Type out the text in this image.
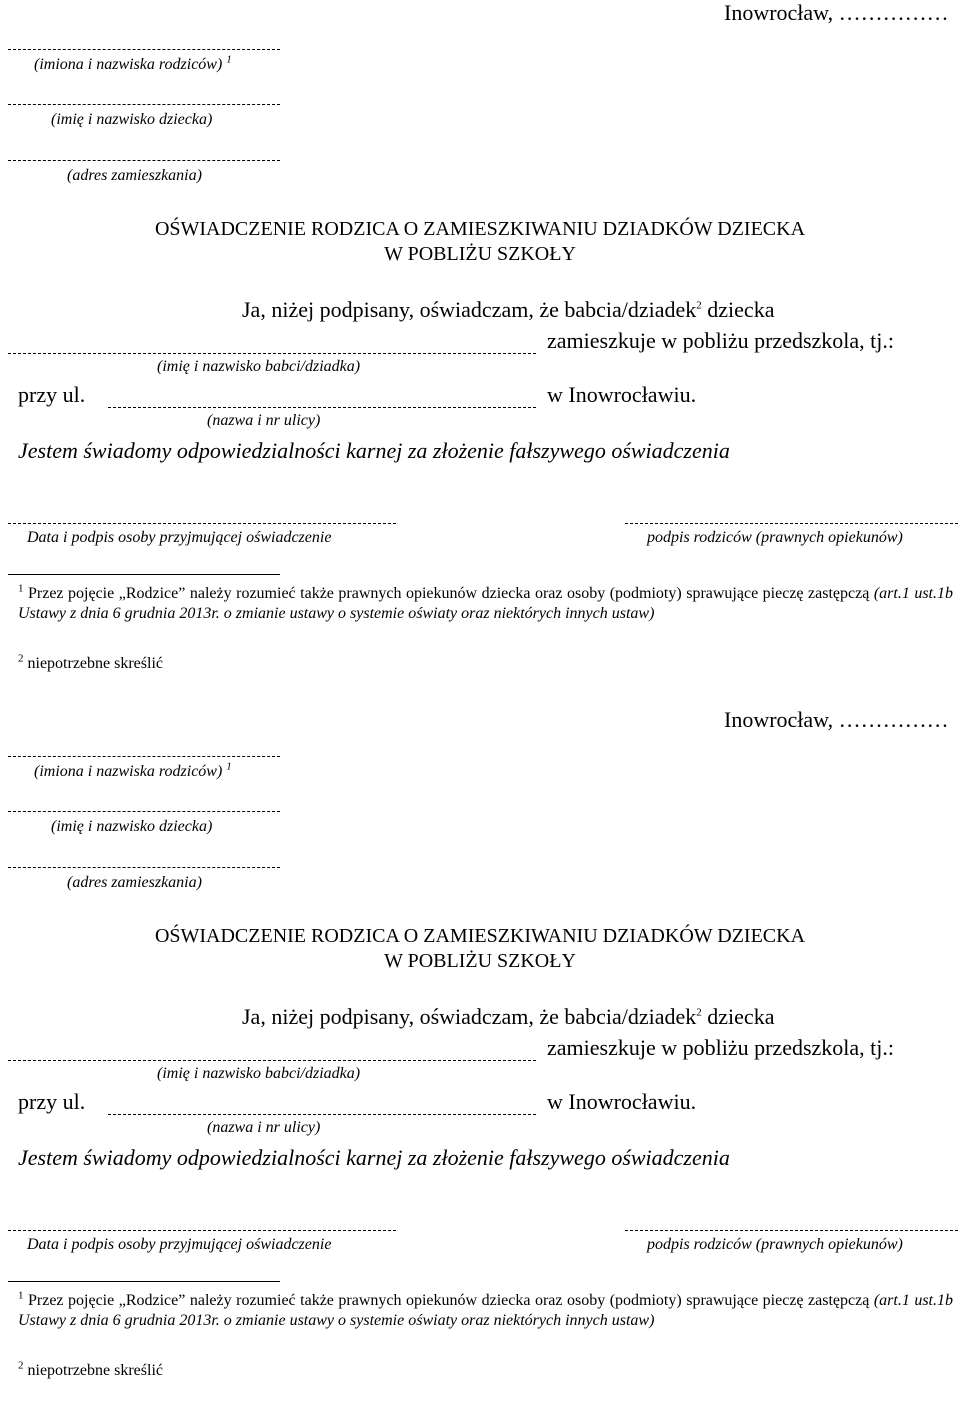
Inowrocław, ……………
(imiona i nazwiska rodziców) $^1$
(imię i nazwisko dziecka)
(adres zamieszkania)
OŚWIADCZENIE RODZICA O ZAMIESZKIWANIU DZIADKÓW DZIECKA
W POBLIŻU SZKOŁY
Ja, niżej podpisany, oświadczam, że babcia/dziadek$^2$ dziecka
zamieszkuje w pobliżu przedszkola, tj.:
(imię i nazwisko babci/dziadka)
przy ul.	w Inowrocławiu.
(nazwa i nr ulicy)
Jestem świadomy odpowiedzialności karnej za złożenie fałszywego oświadczenia
Data i podpis osoby przyjmującej oświadczenie	podpis rodziców (prawnych opiekunów)
$^1$ Przez pojęcie „Rodzice” należy rozumieć także prawnych opiekunów dziecka oraz osoby (podmioty) sprawujące pieczę zastępczą (art.1 ust.1b Ustawy z dnia 6 grudnia 2013r. o zmianie ustawy o systemie oświaty oraz niektórych innych ustaw)
$^2$ niepotrzebne skreślić
Inowrocław, ……………
(imiona i nazwiska rodziców) $^1$
(imię i nazwisko dziecka)
(adres zamieszkania)
OŚWIADCZENIE RODZICA O ZAMIESZKIWANIU DZIADKÓW DZIECKA
W POBLIŻU SZKOŁY
Ja, niżej podpisany, oświadczam, że babcia/dziadek$^2$ dziecka
zamieszkuje w pobliżu przedszkola, tj.:
(imię i nazwisko babci/dziadka)
przy ul.	w Inowrocławiu.
(nazwa i nr ulicy)
Jestem świadomy odpowiedzialności karnej za złożenie fałszywego oświadczenia
Data i podpis osoby przyjmującej oświadczenie	podpis rodziców (prawnych opiekunów)
$^1$ Przez pojęcie „Rodzice” należy rozumieć także prawnych opiekunów dziecka oraz osoby (podmioty) sprawujące pieczę zastępczą (art.1 ust.1b Ustawy z dnia 6 grudnia 2013r. o zmianie ustawy o systemie oświaty oraz niektórych innych ustaw)
$^2$ niepotrzebne skreślić
